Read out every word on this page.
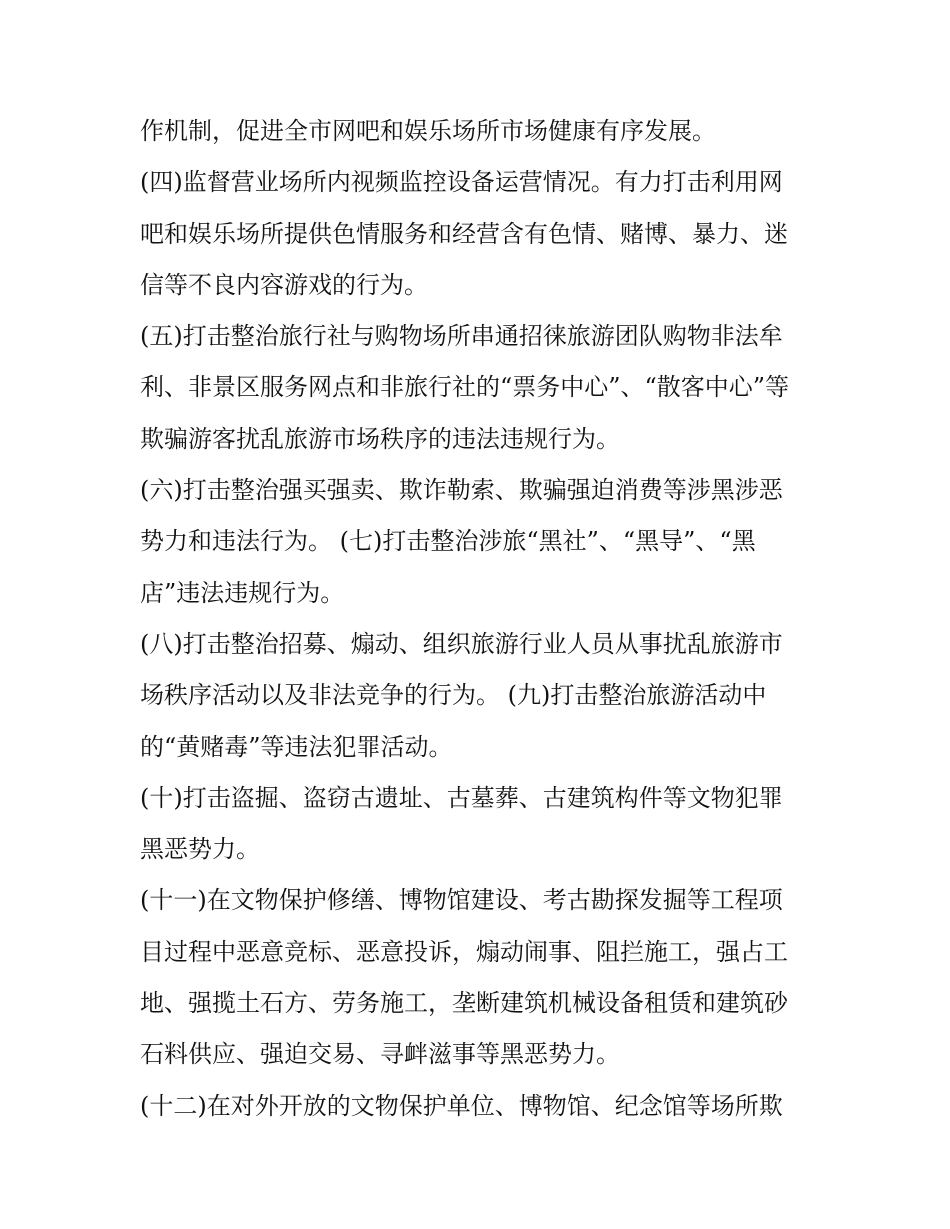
作机制，促进全市网吧和娱乐场所市场健康有序发展。
(四)监督营业场所内视频监控设备运营情况。有力打击利用网
吧和娱乐场所提供色情服务和经营含有色情、赌博、暴力、迷
信等不良内容游戏的行为。
(五)打击整治旅行社与购物场所串通招徕旅游团队购物非法牟
利、非景区服务网点和非旅行社的“票务中心”、“散客中心”等
欺骗游客扰乱旅游市场秩序的违法违规行为。
(六)打击整治强买强卖、欺诈勒索、欺骗强迫消费等涉黑涉恶
势力和违法行为。 (七)打击整治涉旅“黑社”、“黑导”、“黑
店”违法违规行为。
(八)打击整治招募、煽动、组织旅游行业人员从事扰乱旅游市
场秩序活动以及非法竞争的行为。 (九)打击整治旅游活动中
的“黄赌毒”等违法犯罪活动。
(十)打击盗掘、盗窃古遗址、古墓葬、古建筑构件等文物犯罪
黑恶势力。
(十一)在文物保护修缮、博物馆建设、考古勘探发掘等工程项
目过程中恶意竞标、恶意投诉，煽动闹事、阻拦施工，强占工
地、强揽土石方、劳务施工，垄断建筑机械设备租赁和建筑砂
石料供应、强迫交易、寻衅滋事等黑恶势力。
(十二)在对外开放的文物保护单位、博物馆、纪念馆等场所欺
